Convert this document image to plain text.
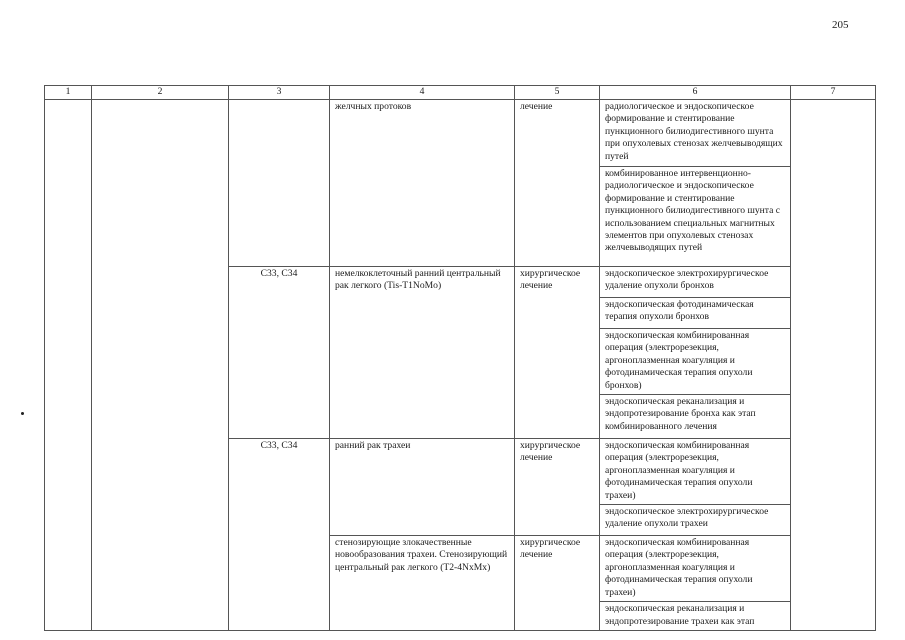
205
1	2	3	4	5	6	7
			желчных протоков	лечение	радиологическое и эндоскопическое формирование и стентирование пункционного билиодигестивного шунта при опухолевых стенозах желчевыводящих путей	
					комбинированное интервенционно-радиологическое и эндоскопическое формирование и стентирование пункционного билиодигестивного шунта с использованием специальных магнитных элементов при опухолевых стенозах желчевыводящих путей	
		C33, C34	немелкоклеточный ранний центральный рак легкого (Tis-T1NoMo)	хирургическое лечение	эндоскопическое электрохирургическое удаление опухоли бронхов	
					эндоскопическая фотодинамическая терапия опухоли бронхов	
					эндоскопическая комбинированная операция (электрорезекция, аргоноплазменная коагуляция и фотодинамическая терапия опухоли бронхов)	
					эндоскопическая реканализация и эндопротезирование бронха как этап комбинированного лечения	
		C33, C34	ранний рак трахеи	хирургическое лечение	эндоскопическая комбинированная операция (электрорезекция, аргоноплазменная коагуляция и фотодинамическая терапия опухоли трахеи)	
					эндоскопическое электрохирургическое удаление опухоли трахеи	
			стенозирующие злокачественные новообразования трахеи. Стенозирующий центральный рак легкого (T2-4NxMx)	хирургическое лечение	эндоскопическая комбинированная операция (электрорезекция, аргоноплазменная коагуляция и фотодинамическая терапия опухоли трахеи)	
					эндоскопическая реканализация и эндопротезирование трахеи как этап	
